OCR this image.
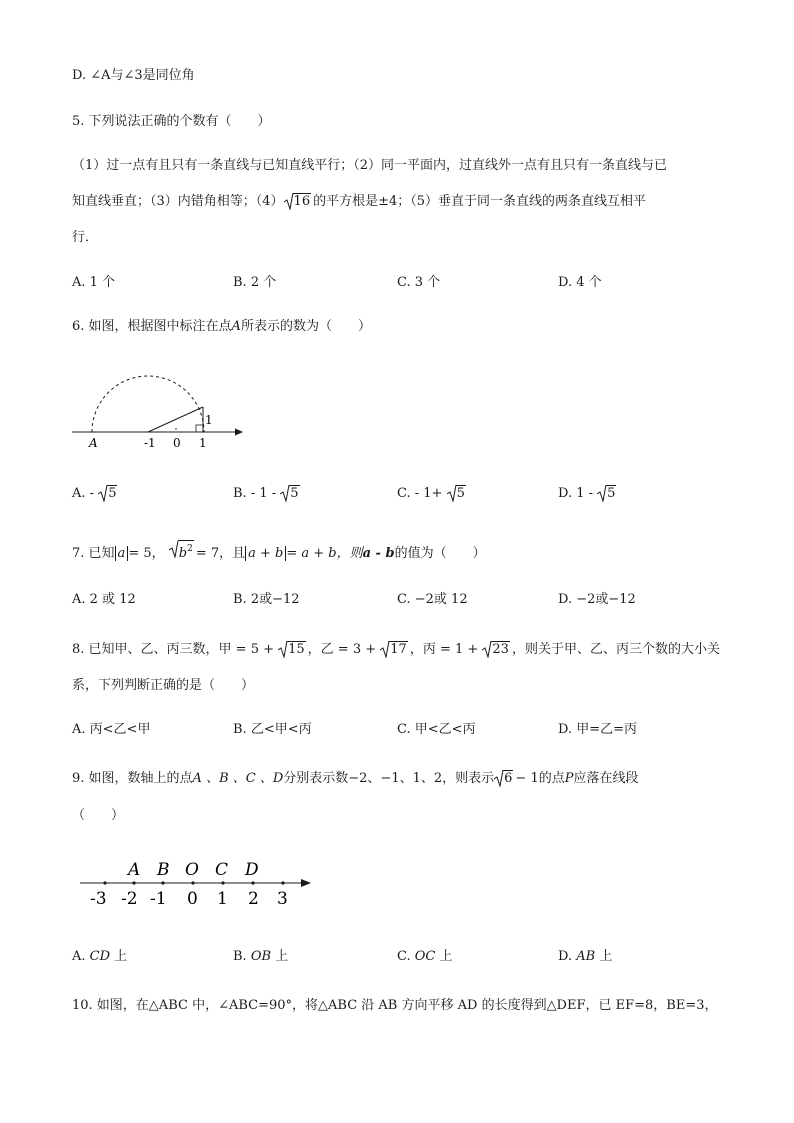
D. ∠A与∠3是同位角
5. 下列说法正确的个数有（　　）
（1）过一点有且只有一条直线与已知直线平行；（2）同一平面内，过直线外一点有且只有一条直线与已
知直线垂直；（3）内错角相等；（4） 16 的平方根是±4；（5）垂直于同一条直线的两条直线互相平
行．
A. 1 个	B. 2 个	C. 3 个	D. 4 个
6. 如图，根据图中标注在点A所表示的数为（　　）
A	-1 0 1
1
A. -
5	B. - 1 -
5	C. - 1+
5	D. 1 -
5
7. 已知 a = 5， $b^2 = 7$，且 a + b = a + b，则a - b的值为（　　）
A. 2 或 12	B. 2或−12	C. −2或 12	D. −2或−12
8. 已知甲、乙、丙三数，甲 = 5 +
15 ，乙 = 3 +
17 ，丙 = 1 +
23 ，则关于甲、乙、丙三个数的大小关
系，下列判断正确的是（　　）
A. 丙<乙<甲	B. 乙<甲<丙	C. 甲<乙<丙	D. 甲=乙=丙
9. 如图，数轴上的点A 、B 、C 、D分别表示数−2、−1、1、2，则表示 6 − 1的点P应落在线段
（　　）
A B O C D
-3 -2 -1 0 1 2 3
A. CD 上	B. OB 上	C. OC 上	D. AB 上
10. 如图，在△ABC 中，∠ABC=90°，将△ABC 沿 AB 方向平移 AD 的长度得到△DEF，已 EF=8，BE=3，
